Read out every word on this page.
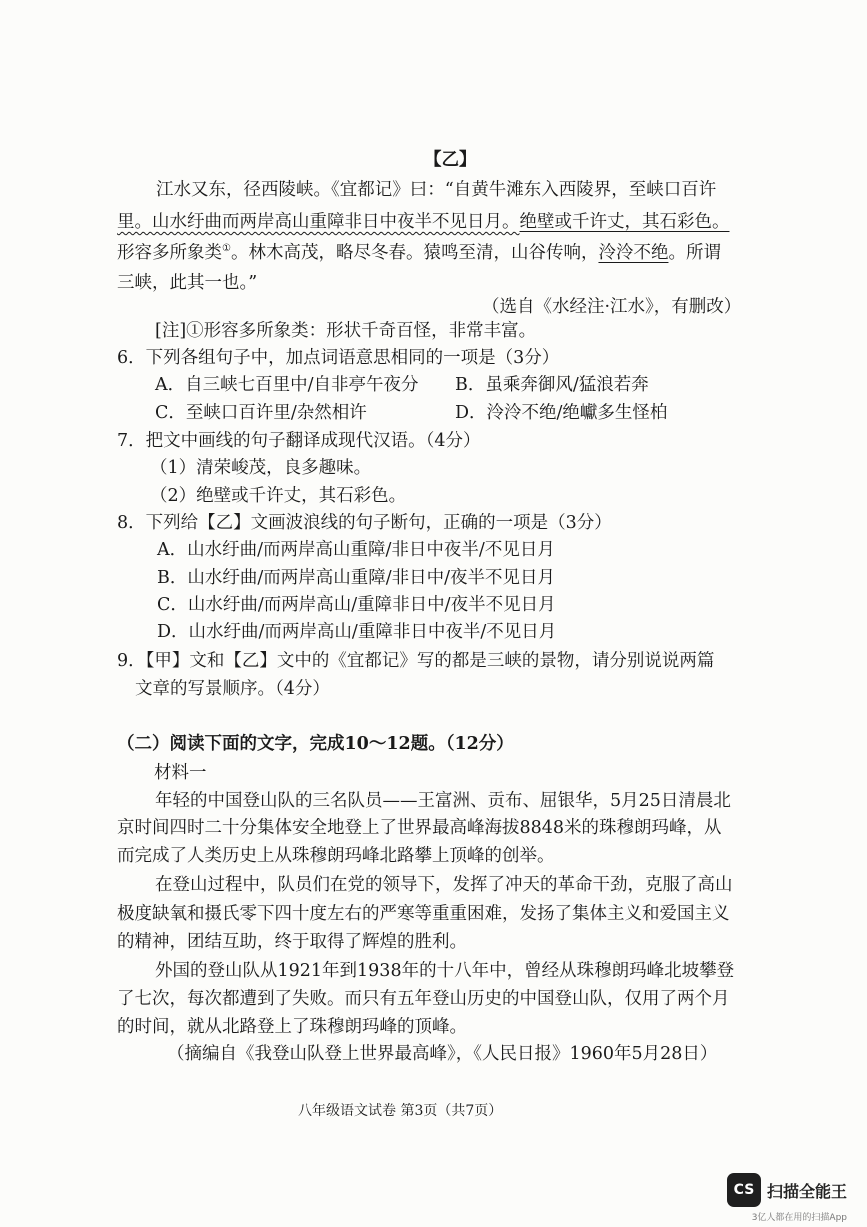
【乙】
江水又东，径西陵峡。《宜都记》曰：“自黄牛滩东入西陵界，至峡口百许
里。山水纡曲而两岸高山重障非日中夜半不见日月。绝壁或千许丈，其石彩色。
形容多所象类①。林木高茂，略尽冬春。猿鸣至清，山谷传响，泠泠不绝。所谓
三峡，此其一也。”
（选自《水经注·江水》，有删改）
[注]①形容多所象类：形状千奇百怪，非常丰富。
6．下列各组句子中，加点词语意思相同的一项是（3分）
A．自三峡七百里中/自非亭午夜分 B．虽乘奔御风/猛浪若奔
C．至峡口百许里/杂然相许	D．泠泠不绝/绝巘多生怪柏
7．把文中画线的句子翻译成现代汉语。（4分）
（1）清荣峻茂，良多趣味。
（2）绝壁或千许丈，其石彩色。
8．下列给【乙】文画波浪线的句子断句，正确的一项是（3分）
A．山水纡曲/而两岸高山重障/非日中夜半/不见日月
B．山水纡曲/而两岸高山重障/非日中/夜半不见日月
C．山水纡曲/而两岸高山/重障非日中/夜半不见日月
D．山水纡曲/而两岸高山/重障非日中夜半/不见日月
9．【甲】文和【乙】文中的《宜都记》写的都是三峡的景物，请分别说说两篇
文章的写景顺序。（4分）
（二）阅读下面的文字，完成10～12题。（12分）
材料一
年轻的中国登山队的三名队员——王富洲、贡布、屈银华，5月25日清晨北
京时间四时二十分集体安全地登上了世界最高峰海拔8848米的珠穆朗玛峰，从
而完成了人类历史上从珠穆朗玛峰北路攀上顶峰的创举。
在登山过程中，队员们在党的领导下，发挥了冲天的革命干劲，克服了高山
极度缺氧和摄氏零下四十度左右的严寒等重重困难，发扬了集体主义和爱国主义
的精神，团结互助，终于取得了辉煌的胜利。
外国的登山队从1921年到1938年的十八年中，曾经从珠穆朗玛峰北坡攀登
了七次，每次都遭到了失败。而只有五年登山历史的中国登山队，仅用了两个月
的时间，就从北路登上了珠穆朗玛峰的顶峰。
（摘编自《我登山队登上世界最高峰》，《人民日报》1960年5月28日）
八年级语文试卷 第3页（共7页）
CS 扫描全能王
3亿人都在用的扫描App
